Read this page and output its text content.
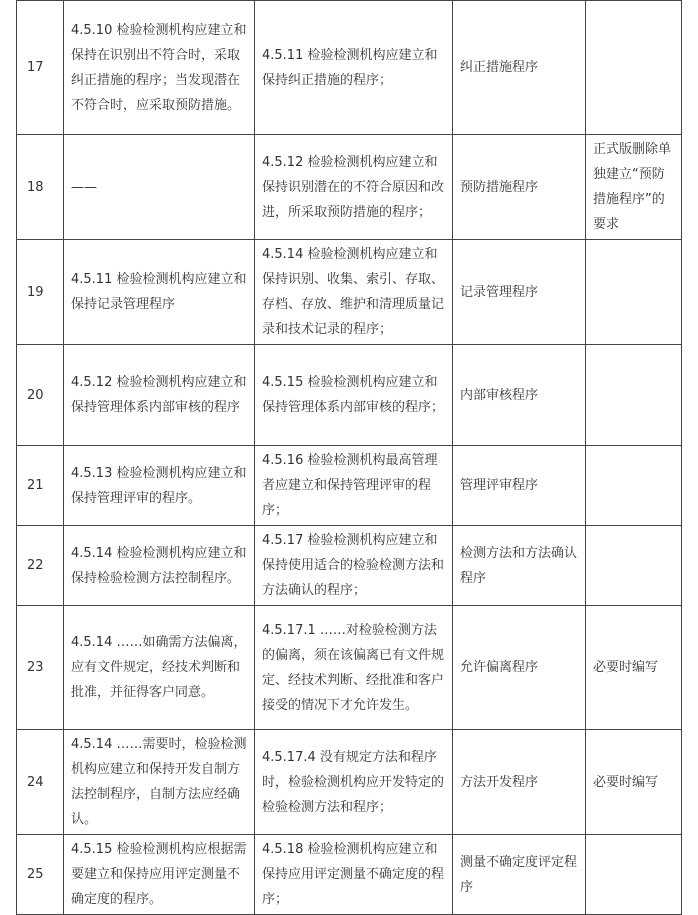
17	4.5.10 检验检测机构应建立和保持在识别出不符合时，采取纠正措施的程序；当发现潜在不符合时，应采取预防措施。	4.5.11 检验检测机构应建立和保持纠正措施的程序；	纠正措施程序	
18	——	4.5.12 检验检测机构应建立和保持识别潜在的不符合原因和改进，所采取预防措施的程序；	预防措施程序	正式版删除单独建立“预防措施程序”的要求
19	4.5.11 检验检测机构应建立和保持记录管理程序	4.5.14 检验检测机构应建立和保持识别、收集、索引、存取、存档、存放、维护和清理质量记录和技术记录的程序；	记录管理程序	
20	4.5.12 检验检测机构应建立和保持管理体系内部审核的程序	4.5.15 检验检测机构应建立和保持管理体系内部审核的程序；	内部审核程序	
21	4.5.13 检验检测机构应建立和保持管理评审的程序。	4.5.16 检验检测机构最高管理者应建立和保持管理评审的程序；	管理评审程序	
22	4.5.14 检验检测机构应建立和保持检验检测方法控制程序。	4.5.17 检验检测机构应建立和保持使用适合的检验检测方法和方法确认的程序；	检测方法和方法确认程序	
23	4.5.14 ……如确需方法偏离，应有文件规定，经技术判断和批准，并征得客户同意。	4.5.17.1 ……对检验检测方法的偏离，须在该偏离已有文件规定、经技术判断、经批准和客户接受的情况下才允许发生。	允许偏离程序	必要时编写
24	4.5.14 ……需要时，检验检测机构应建立和保持开发自制方法控制程序，自制方法应经确认。	4.5.17.4 没有规定方法和程序时，检验检测机构应开发特定的检验检测方法和程序；	方法开发程序	必要时编写
25	4.5.15 检验检测机构应根据需要建立和保持应用评定测量不确定度的程序。	4.5.18 检验检测机构应建立和保持应用评定测量不确定度的程序；	测量不确定度评定程序	
